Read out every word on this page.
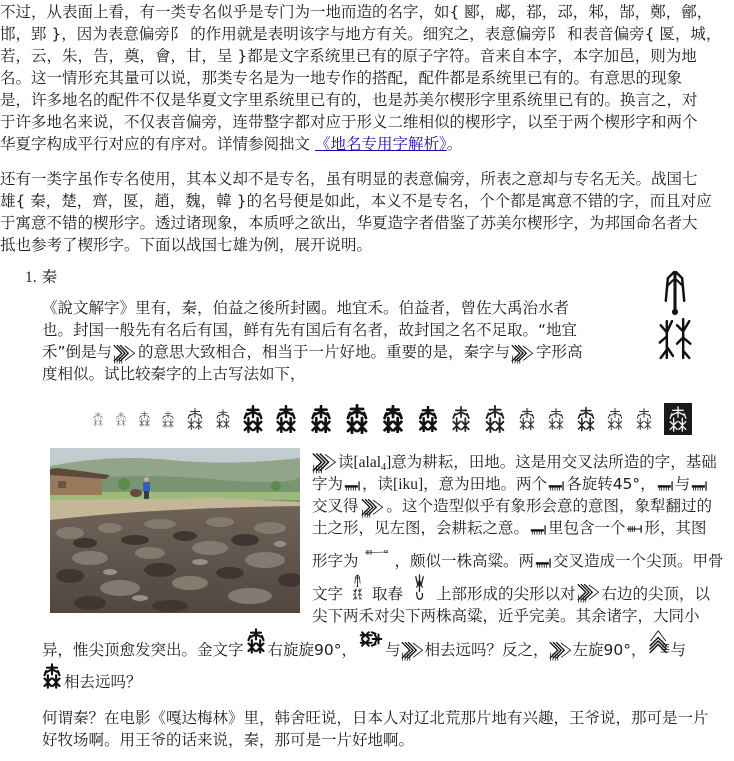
不过，从表面上看，有一类专名似乎是专门为一地而造的名字，如{ 郾，郕，鄀，䢵，邾，郜，鄭，鄶，
邯，郢 }，因为表意偏旁阝 的作用就是表明该字与地方有关。细究之，表意偏旁阝 和表音偏旁{ 匽，城，
若，云，朱，告，奠，會，甘，呈 }都是文字系统里已有的原子字符。音来自本字，本字加邑，则为地
名。这一情形充其量可以说，那类专名是为一地专作的搭配，配件都是系统里已有的。有意思的现象
是，许多地名的配件不仅是华夏文字里系统里已有的，也是苏美尔楔形字里系统里已有的。换言之，对
于许多地名来说，不仅表音偏旁，连带整字都对应于形义二维相似的楔形字，以至于两个楔形字和两个
华夏字构成平行对应的有序对。详情参阅拙文 《地名专用字解析》。
还有一类字虽作专名使用，其本义却不是专名，虽有明显的表意偏旁，所表之意却与专名无关。战国七
雄{ 秦，楚，齊，匽，趙，魏，韓 }的名号便是如此，本义不是专名，个个都是寓意不错的字，而且对应
于寓意不错的楔形字。透过诸现象，本质呼之欲出，华夏造字者借鉴了苏美尔楔形字，为邦国命名者大
抵也参考了楔形字。下面以战国七雄为例，展开说明。
1. 秦
《說文解字》里有，秦，伯益之後所封國。地宜禾。伯益者，曾佐大禹治水者
也。封国一般先有名后有国，鲜有先有国后有名者，故封国之名不足取。“地宜
禾”倒是与 的意思大致相合，相当于一片好地。重要的是，秦字与 字形高
度相似。试比较秦字的上古写法如下，
读[alal$_4$]意为耕耘，田地。这是用交叉法所造的字，基础
字为 ，读[iku]，意为田地。两个 各旋转45°， 与
交叉得 。这个造型似乎有象形会意的意图，象犁翻过的
土之形，见左图，会耕耘之意。 里包含一个 形，其图
形字为 ，颇似一株高粱。两 交叉造成一个尖顶。甲骨
文字 取春 上部形成的尖形以对 右边的尖顶，以
尖下两禾对尖下两株高粱，近乎完美。其余诸字，大同小
异，惟尖顶愈发突出。金文字 右旋旋90°， 与 相去远吗？反之， 左旋90°， 与
相去远吗？
何谓秦？在电影《嘎达梅林》里，韩舍旺说，日本人对辽北荒那片地有兴趣，王爷说，那可是一片
好牧场啊。用王爷的话来说，秦，那可是一片好地啊。
